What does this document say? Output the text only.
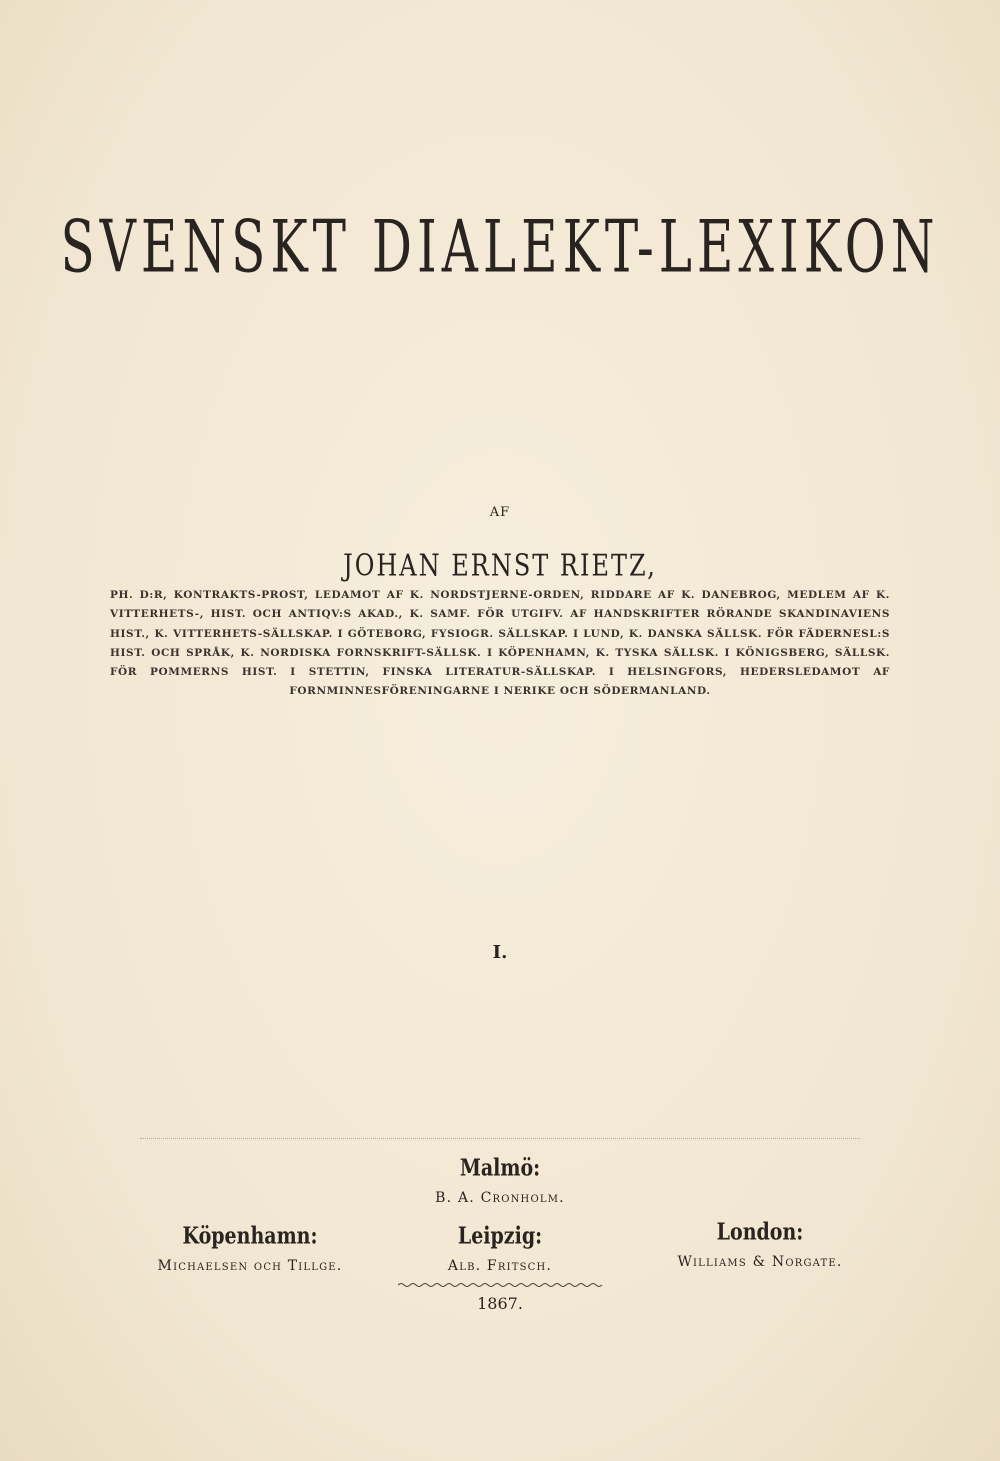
SVENSKT DIALEKT-LEXIKON
AF
JOHAN ERNST RIETZ,
PH. D:R, KONTRAKTS-PROST, LEDAMOT AF K. NORDSTJERNE-ORDEN, RIDDARE AF K. DANEBROG, MEDLEM AF K. VITTERHETS-, HIST. OCH ANTIQV:S AKAD., K. SAMF. FÖR UTGIFV. AF HANDSKRIFTER RÖRANDE SKANDINAVIENS HIST., K. VITTERHETS-SÄLLSKAP. I GÖTEBORG, FYSIOGR. SÄLLSKAP. I LUND, K. DANSKA SÄLLSK. FÖR FÄDERNESL:S HIST. OCH SPRÅK, K. NORDISKA FORNSKRIFT-SÄLLSK. I KÖPENHAMN, K. TYSKA SÄLLSK. I KÖNIGSBERG, SÄLLSK. FÖR POMMERNS HIST. I STETTIN, FINSKA LITERATUR-SÄLLSKAP. I HELSINGFORS, HEDERSLEDAMOT AF FORNMINNESFÖRENINGARNE I NERIKE OCH SÖDERMANLAND.
I.
Malmö:
B. A. Cronholm.
Köpenhamn:
Michaelsen och Tillge.
Leipzig:
Alb. Fritsch.
London:
Williams & Norgate.
1867.
